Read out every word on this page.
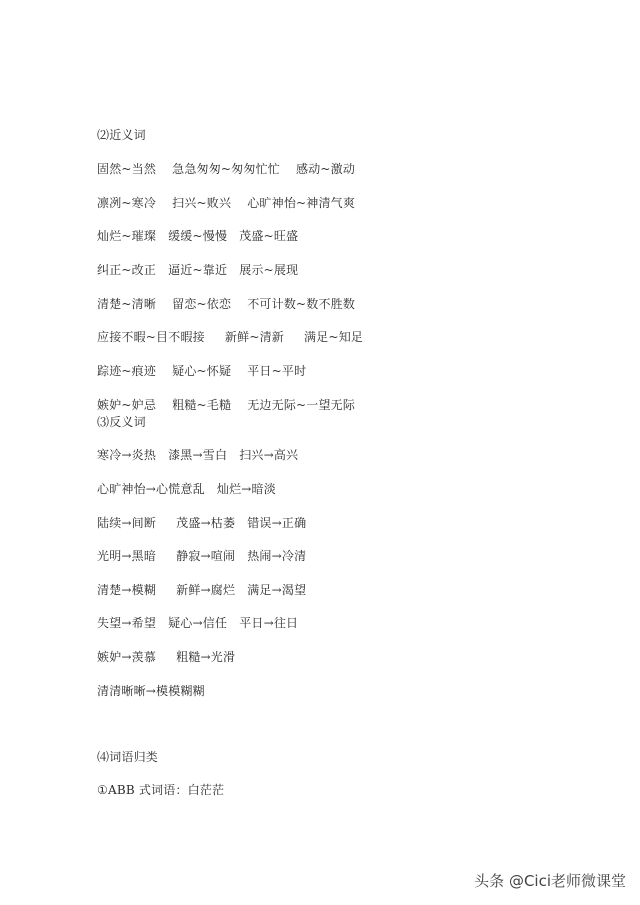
⑵近义词
固然~当然    急急匆匆~匆匆忙忙    感动~激动
凛冽~寒冷    扫兴~败兴    心旷神怡~神清气爽
灿烂~璀璨   缓缓~慢慢   茂盛~旺盛
纠正~改正   逼近~靠近   展示~展现
清楚~清晰    留恋~依恋    不可计数~数不胜数
应接不暇~目不暇接     新鲜~清新     满足~知足
踪迹~痕迹    疑心~怀疑    平日~平时
嫉妒~妒忌    粗糙~毛糙    无边无际~一望无际
⑶反义词
寒冷→炎热   漆黑→雪白   扫兴→高兴
心旷神怡→心慌意乱   灿烂→暗淡
陆续→间断     茂盛→枯萎   错误→正确
光明→黑暗     静寂→喧闹   热闹→冷清
清楚→模糊     新鲜→腐烂   满足→渴望
失望→希望   疑心→信任   平日→往日
嫉妒→羡慕     粗糙→光滑
清清晰晰→模模糊糊
⑷词语归类
①ABB 式词语：白茫茫
头条 @Cici老师微课堂
